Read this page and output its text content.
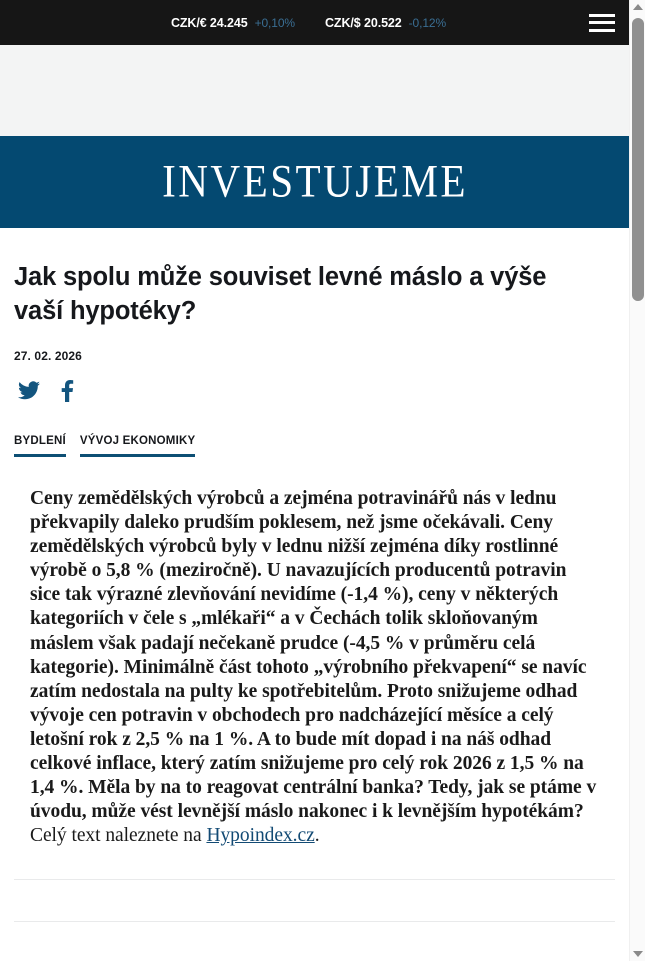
CZK/€ 24.245 +0,10% CZK/$ 20.522 -0,12%
INVESTUJEME
Jak spolu může souviset levné máslo a výše vaší hypotéky?
27. 02. 2026
BYDLENÍ VÝVOJ EKONOMIKY

Ceny zemědělských výrobců a zejména potravinářů nás v lednu překvapily daleko prudším poklesem, než jsme očekávali. Ceny zemědělských výrobců byly v lednu nižší zejména díky rostlinné výrobě o 5,8 % (meziročně). U navazujících producentů potravin sice tak výrazné zlevňování nevidíme (-1,4 %), ceny v některých kategoriích v čele s „mlékaři“ a v Čechách tolik skloňovaným máslem však padají nečekaně prudce (-4,5 % v průměru celá kategorie). Minimálně část tohoto „výrobního překvapení“ se navíc zatím nedostala na pulty ke spotřebitelům. Proto snižujeme odhad vývoje cen potravin v obchodech pro nadcházející měsíce a celý letošní rok z 2,5 % na 1 %. A to bude mít dopad i na náš odhad celkové inflace, který zatím snižujeme pro celý rok 2026 z 1,5 % na 1,4 %. Měla by na to reagovat centrální banka? Tedy, jak se ptáme v úvodu, může vést levnější máslo nakonec i k levnějším hypotékám?

Celý text naleznete na Hypoindex.cz.
